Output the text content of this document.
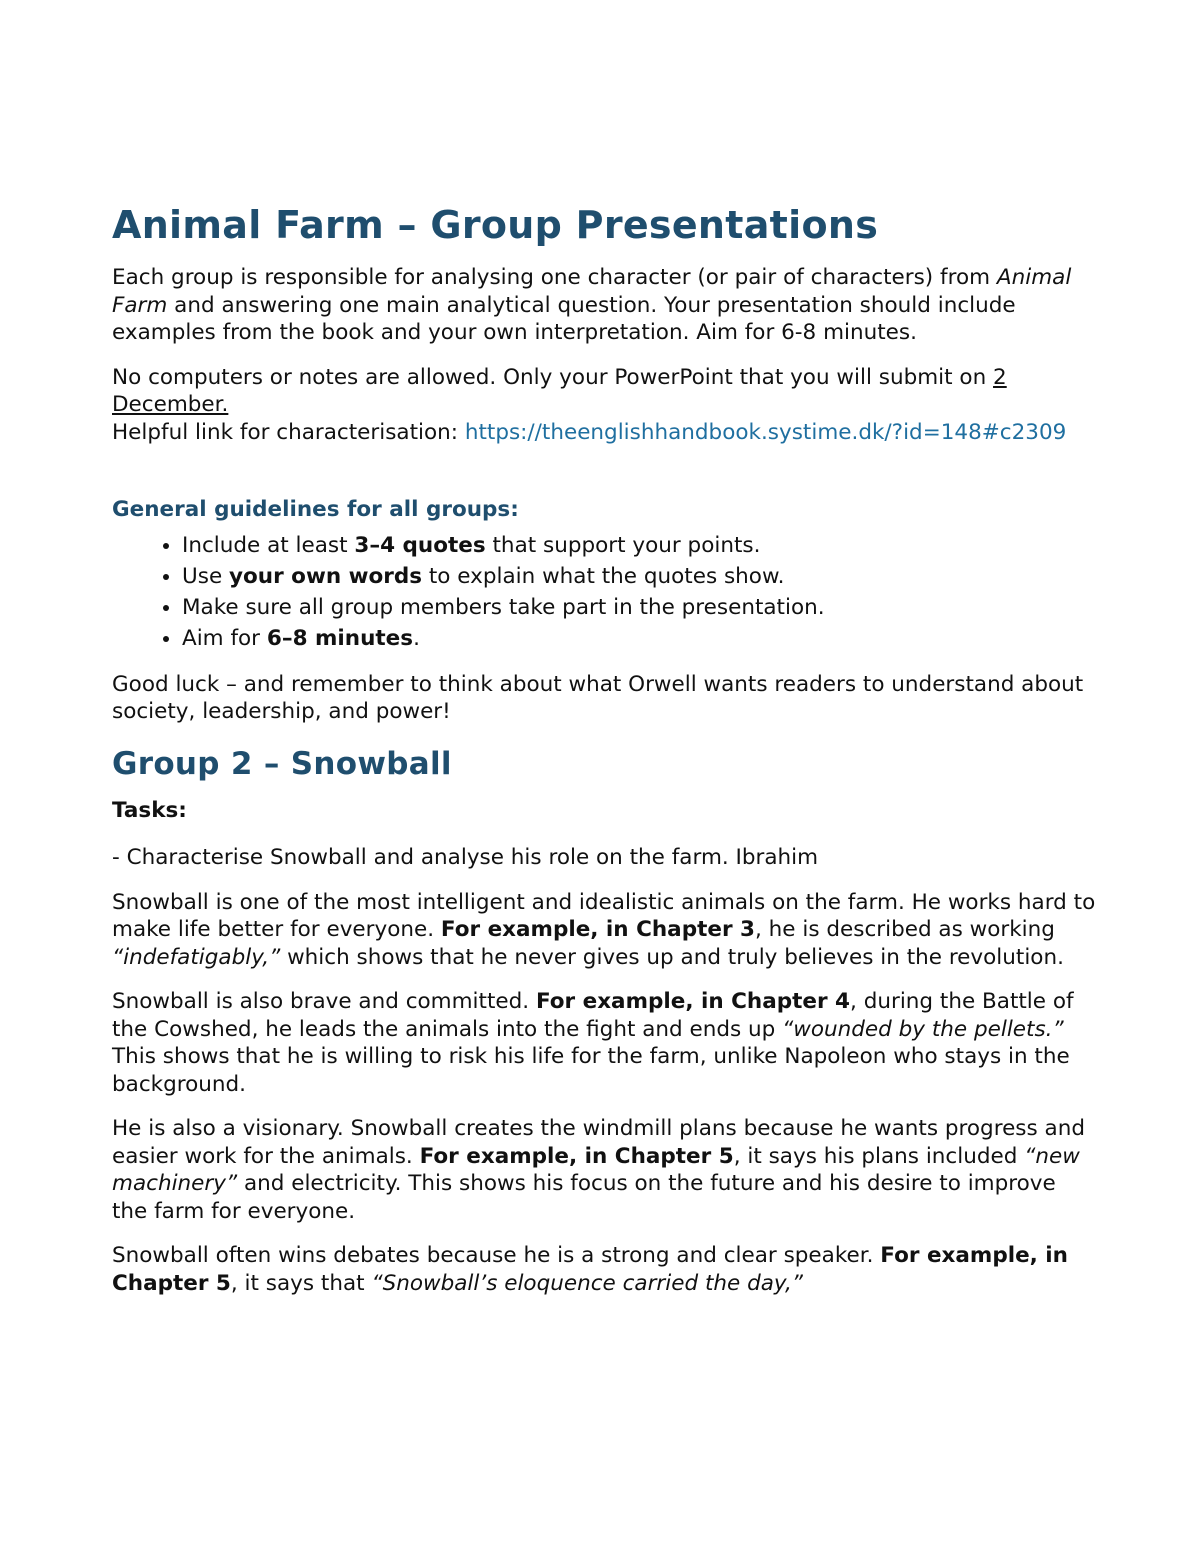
Animal Farm – Group Presentations

Each group is responsible for analysing one character (or pair of characters) from Animal Farm and answering one main analytical question. Your presentation should include examples from the book and your own interpretation. Aim for 6-8 minutes.

No computers or notes are allowed. Only your PowerPoint that you will submit on 2 December.

Helpful link for characterisation: https://theenglishhandbook.systime.dk/?id=148#c2309

General guidelines for all groups:
• Include at least 3–4 quotes that support your points.
• Use your own words to explain what the quotes show.
• Make sure all group members take part in the presentation.
• Aim for 6–8 minutes.

Good luck – and remember to think about what Orwell wants readers to understand about society, leadership, and power!

Group 2 – Snowball
Tasks:

- Characterise Snowball and analyse his role on the farm. Ibrahim

Snowball is one of the most intelligent and idealistic animals on the farm. He works hard to make life better for everyone. For example, in Chapter 3, he is described as working “indefatigably,” which shows that he never gives up and truly believes in the revolution.

Snowball is also brave and committed. For example, in Chapter 4, during the Battle of the Cowshed, he leads the animals into the fight and ends up “wounded by the pellets.” This shows that he is willing to risk his life for the farm, unlike Napoleon who stays in the background.

He is also a visionary. Snowball creates the windmill plans because he wants progress and easier work for the animals. For example, in Chapter 5, it says his plans included “new machinery” and electricity. This shows his focus on the future and his desire to improve the farm for everyone.

Snowball often wins debates because he is a strong and clear speaker. For example, in Chapter 5, it says that “Snowball’s eloquence carried the day,”
